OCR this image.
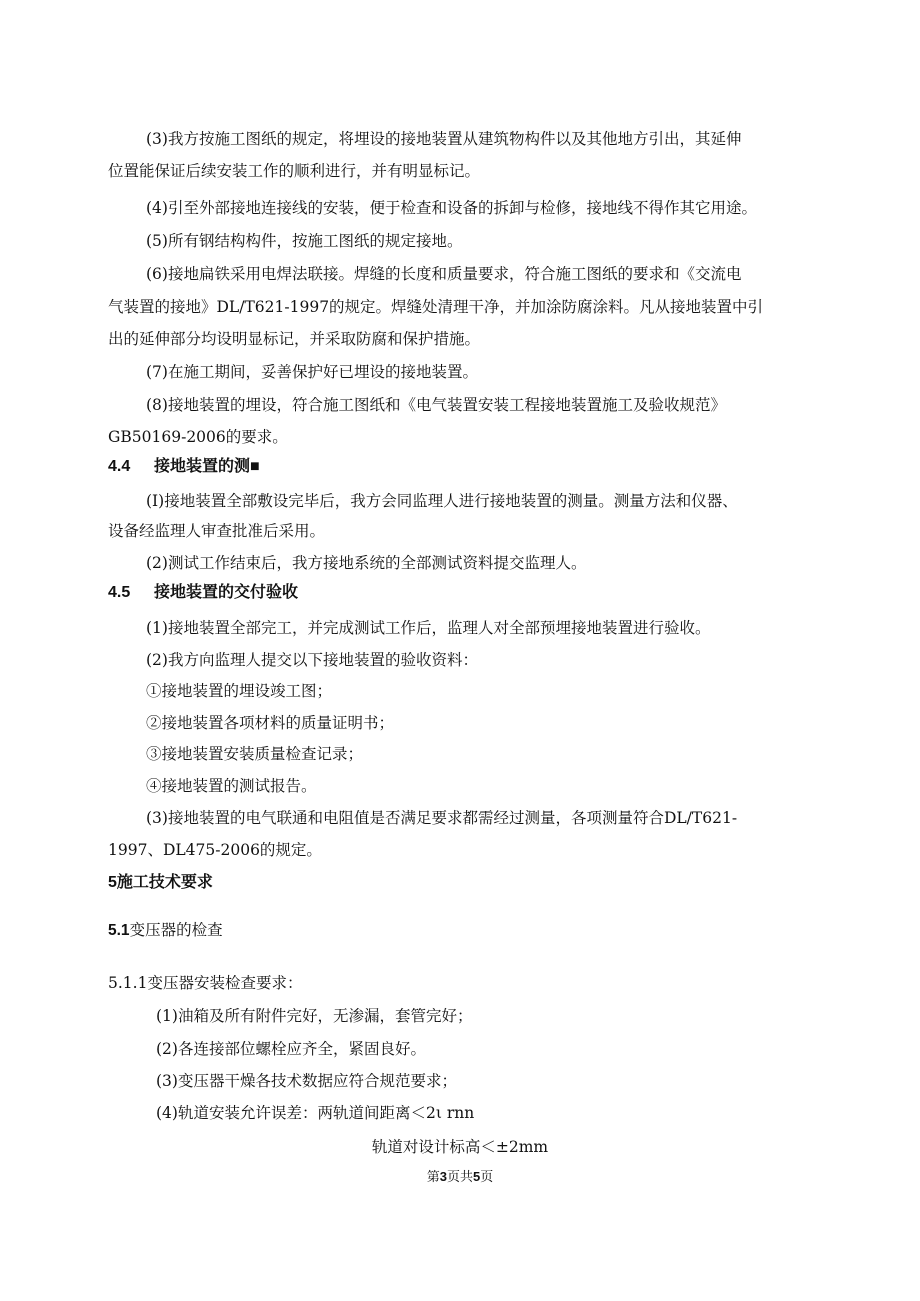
(3)我方按施工图纸的规定，将埋设的接地装置从建筑物构件以及其他地方引出，其延伸
位置能保证后续安装工作的顺利进行，并有明显标记。
(4)引至外部接地连接线的安装，便于检查和设备的拆卸与检修，接地线不得作其它用途。
(5)所有钢结构构件，按施工图纸的规定接地。
(6)接地扁铁采用电焊法联接。焊缝的长度和质量要求，符合施工图纸的要求和《交流电
气装置的接地》DL/T621-1997的规定。焊缝处清理干净，并加涂防腐涂料。凡从接地装置中引
出的延伸部分均设明显标记，并采取防腐和保护措施。
(7)在施工期间，妥善保护好已埋设的接地装置。
(8)接地装置的埋设，符合施工图纸和《电气装置安装工程接地装置施工及验收规范》
GB50169-2006的要求。
4.4 接地装置的测■
(I)接地装置全部敷设完毕后，我方会同监理人进行接地装置的测量。测量方法和仪器、
设备经监理人审查批准后采用。
(2)测试工作结束后，我方接地系统的全部测试资料提交监理人。
4.5 接地装置的交付验收
(1)接地装置全部完工，并完成测试工作后，监理人对全部预埋接地装置进行验收。
(2)我方向监理人提交以下接地装置的验收资料：
①接地装置的埋设竣工图；
②接地装置各项材料的质量证明书；
③接地装置安装质量检查记录；
④接地装置的测试报告。
(3)接地装置的电气联通和电阻值是否满足要求都需经过测量，各项测量符合DL/T621-
1997、DL475-2006的规定。
5施工技术要求
5.1变压器的检查
5.1.1变压器安装检查要求：
(1)油箱及所有附件完好，无渗漏，套管完好；
(2)各连接部位螺栓应齐全，紧固良好。
(3)变压器干燥各技术数据应符合规范要求；
(4)轨道安装允许误差：两轨道间距离＜2ι rnn
轨道对设计标高＜±2mm
第3页共5页
